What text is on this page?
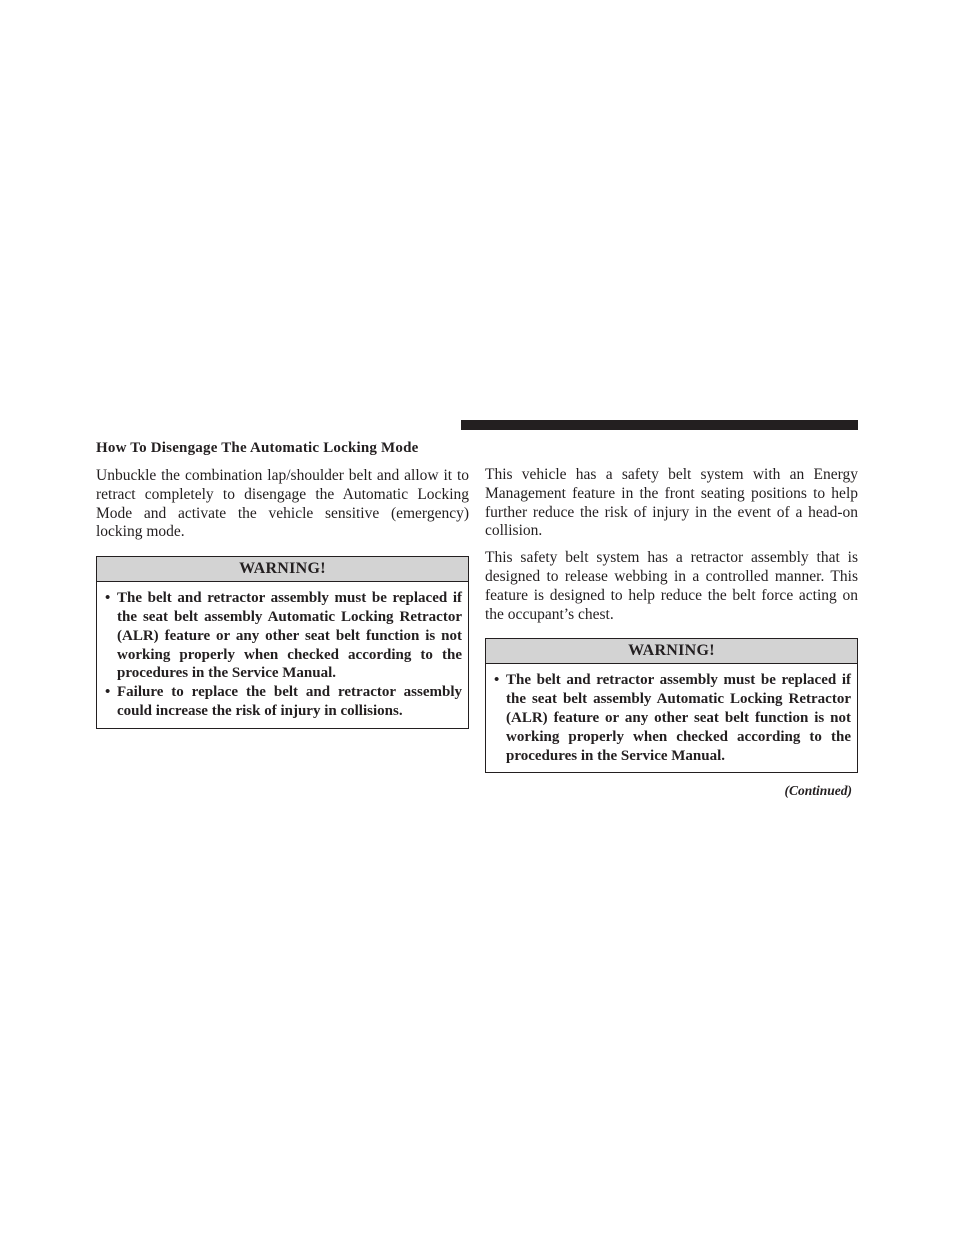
How To Disengage The Automatic Locking Mode

Unbuckle the combination lap/shoulder belt and allow it to retract completely to disengage the Automatic Locking Mode and activate the vehicle sensitive (emergency) locking mode.

WARNING!
• The belt and retractor assembly must be replaced if the seat belt assembly Automatic Locking Retractor (ALR) feature or any other seat belt function is not working properly when checked according to the procedures in the Service Manual.
• Failure to replace the belt and retractor assembly could increase the risk of injury in collisions.

This vehicle has a safety belt system with an Energy Management feature in the front seating positions to help further reduce the risk of injury in the event of a head-on collision.

This safety belt system has a retractor assembly that is designed to release webbing in a controlled manner. This feature is designed to help reduce the belt force acting on the occupant’s chest.

WARNING!
• The belt and retractor assembly must be replaced if the seat belt assembly Automatic Locking Retractor (ALR) feature or any other seat belt function is not working properly when checked according to the procedures in the Service Manual.
(Continued)
